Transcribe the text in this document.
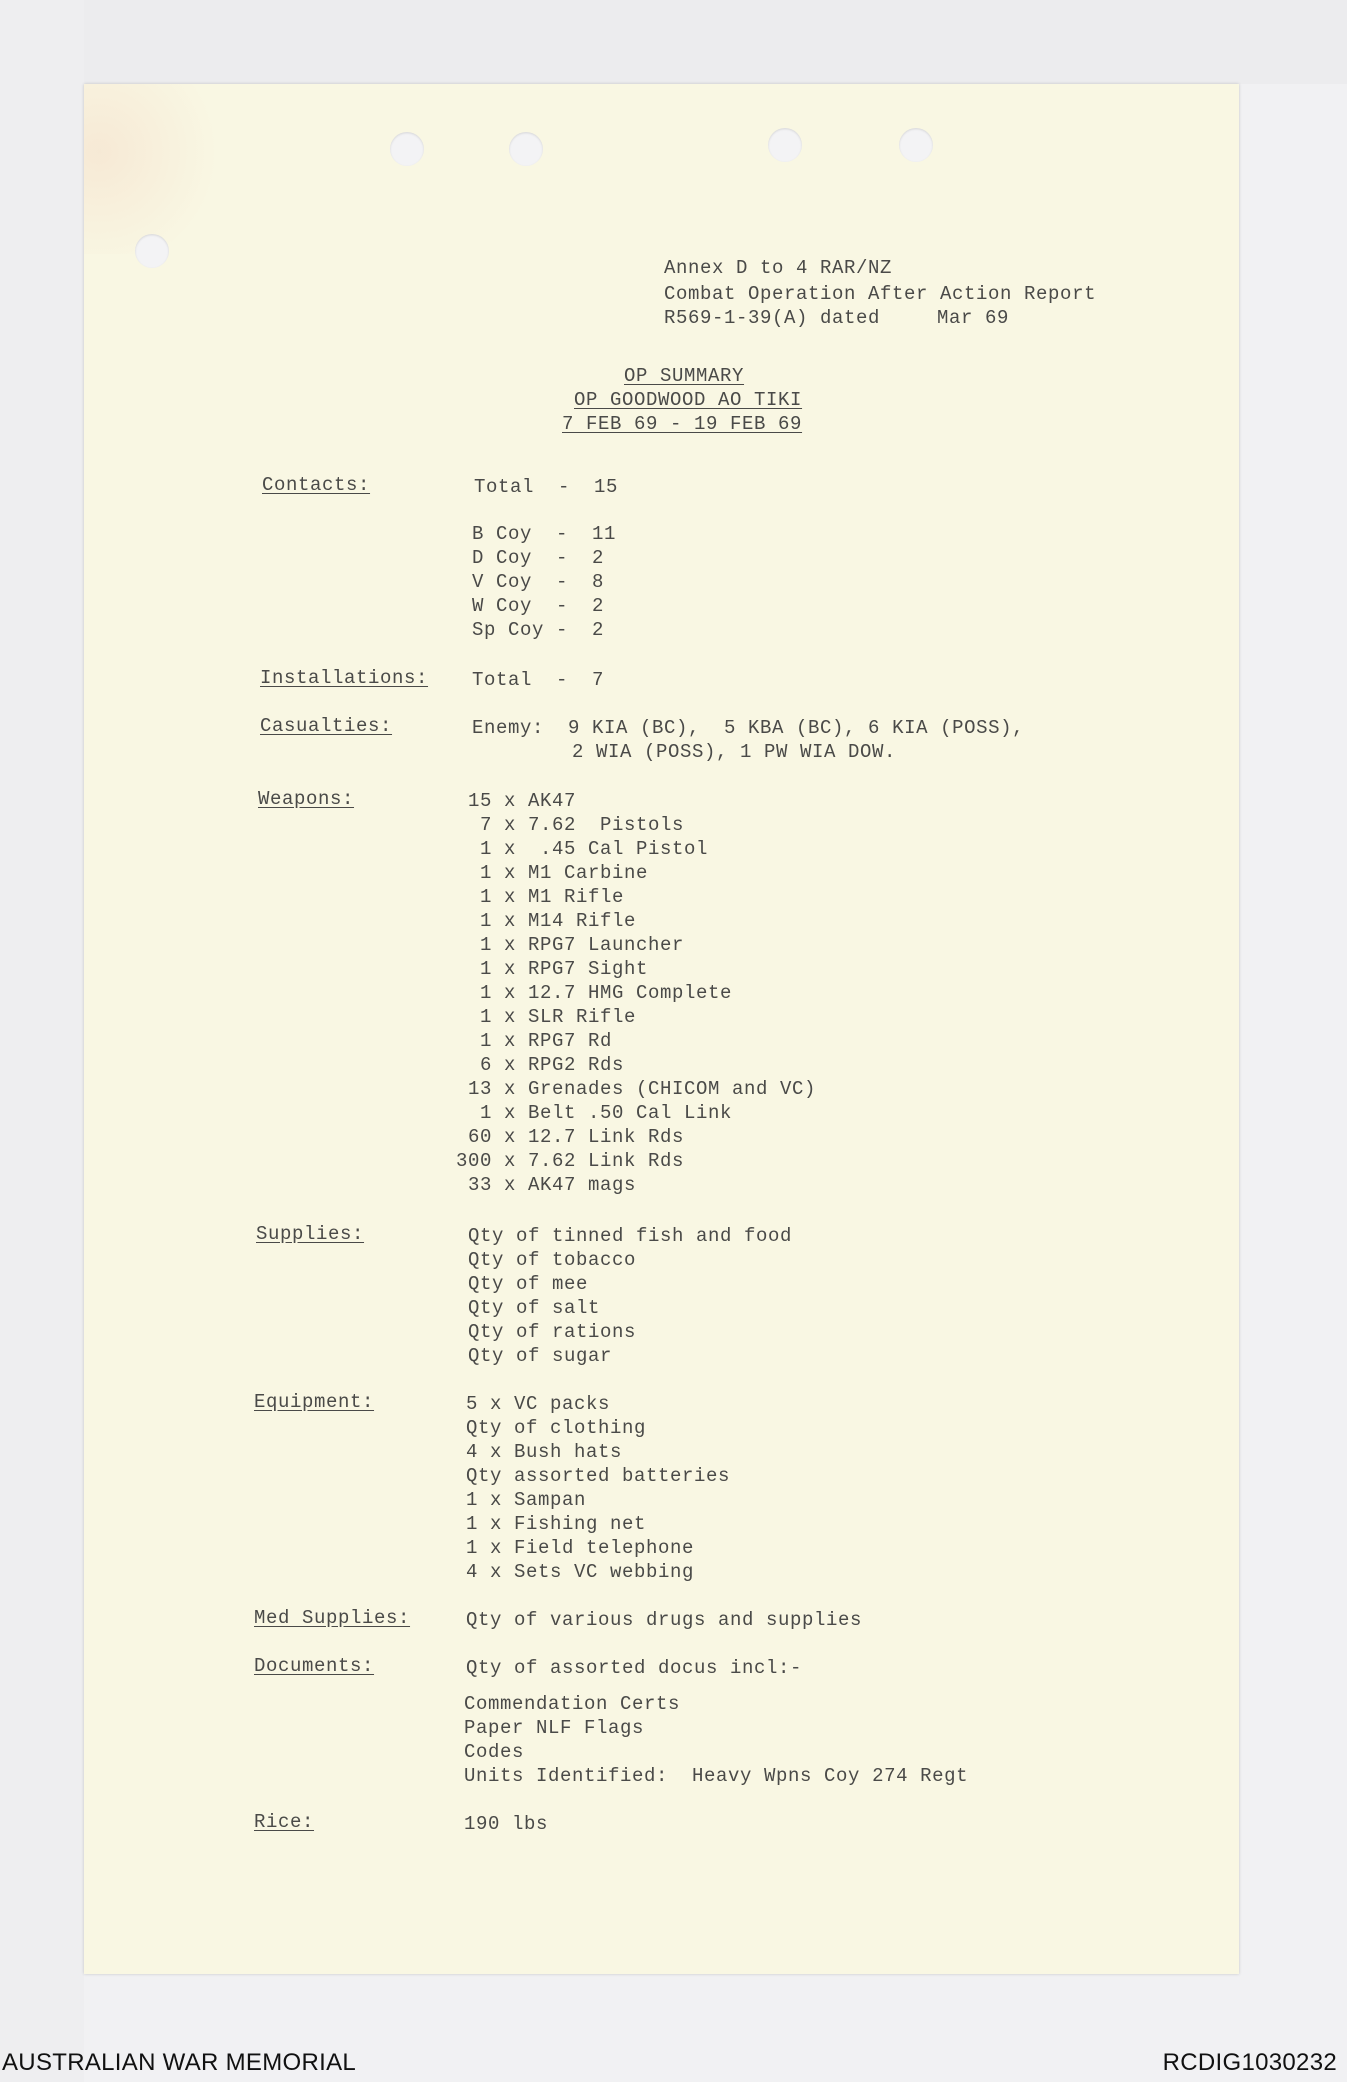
Annex D to 4 RAR/NZ
Combat Operation After Action Report
R569-1-39(A) dated	Mar 69
OP SUMMARY
OP GOODWOOD AO TIKI
7 FEB 69 - 19 FEB 69
Contacts:	Total  -  15
B Coy  -  11
D Coy  -  2
V Coy  -  8
W Coy  -  2
Sp Coy -  2
Installations: Total  -  7
Casualties:	Enemy:  9 KIA (BC),  5 KBA (BC), 6 KIA (POSS),
2 WIA (POSS), 1 PW WIA DOW.
Weapons:	15 x AK47
7 x 7.62  Pistols
1 x  .45 Cal Pistol
1 x M1 Carbine
1 x M1 Rifle
1 x M14 Rifle
1 x RPG7 Launcher
1 x RPG7 Sight
1 x 12.7 HMG Complete
1 x SLR Rifle
1 x RPG7 Rd
6 x RPG2 Rds
13 x Grenades (CHICOM and VC)
1 x Belt .50 Cal Link
60 x 12.7 Link Rds
300 x 7.62 Link Rds
33 x AK47 mags
Supplies:	Qty of tinned fish and food
Qty of tobacco
Qty of mee
Qty of salt
Qty of rations
Qty of sugar
Equipment:	5 x VC packs
Qty of clothing
4 x Bush hats
Qty assorted batteries
1 x Sampan
1 x Fishing net
1 x Field telephone
4 x Sets VC webbing
Med Supplies:	Qty of various drugs and supplies
Documents:	Qty of assorted docus incl:-
Commendation Certs
Paper NLF Flags
Codes
Units Identified:  Heavy Wpns Coy 274 Regt
Rice:	190 lbs
AUSTRALIAN WAR MEMORIAL	RCDIG1030232
